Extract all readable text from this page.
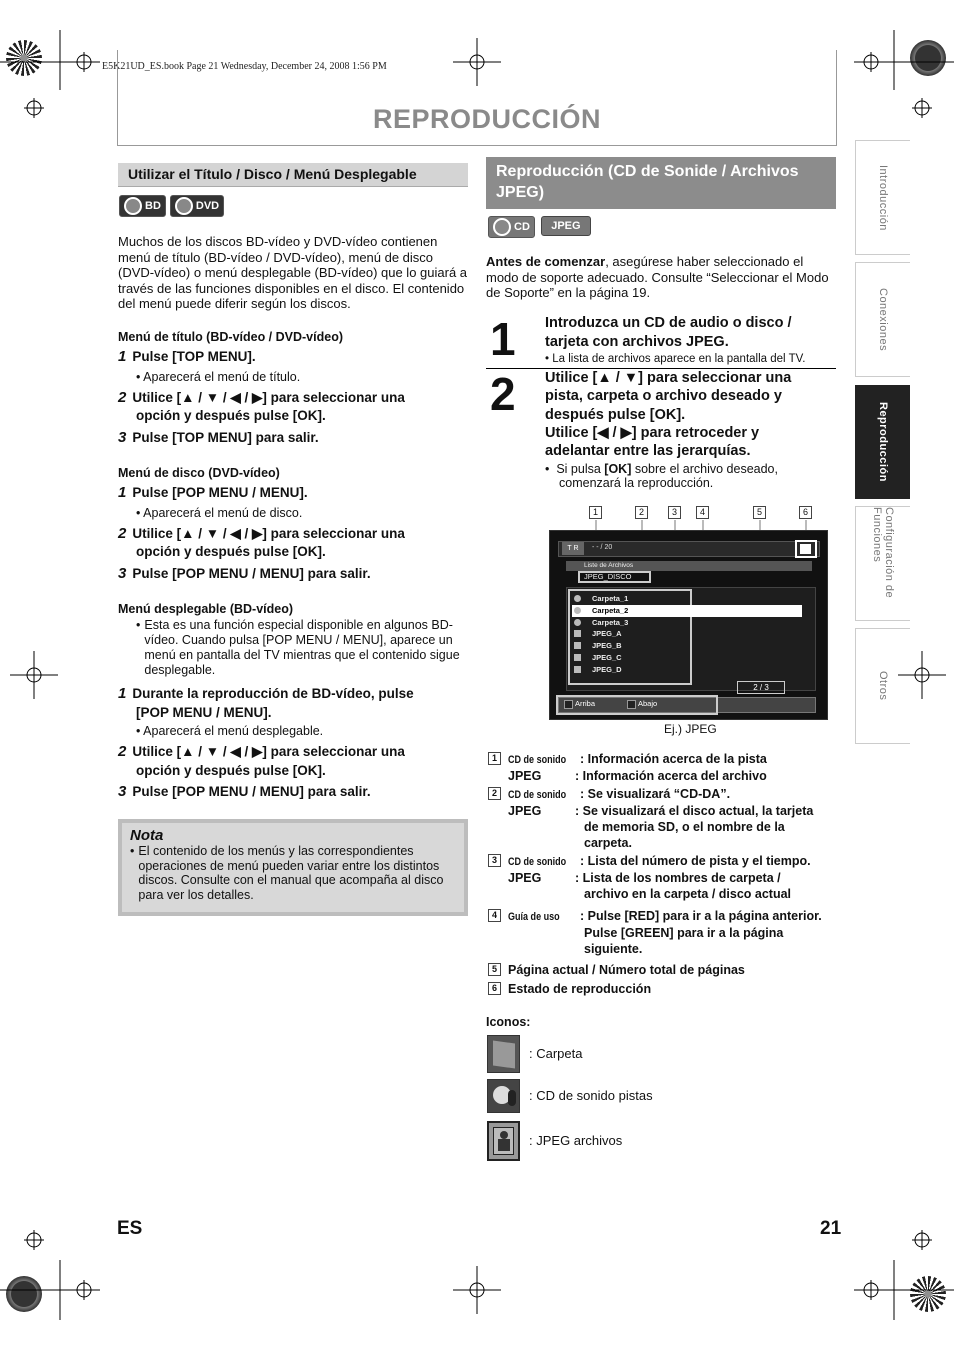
E5K21UD_ES.book Page 21 Wednesday, December 24, 2008 1:56 PM
REPRODUCCIÓN
Utilizar el Título / Disco / Menú Desplegable
BD	DVD
Muchos de los discos BD-vídeo y DVD-vídeo contienen menú de título (BD-vídeo / DVD-vídeo), menú de disco (DVD-vídeo) o menú desplegable (BD-vídeo) que lo guiará a través de las funciones disponibles en el disco. El contenido del menú puede diferir según los discos.
Menú de título (BD-vídeo / DVD-vídeo)
1 Pulse [TOP MENU].
• Aparecerá el menú de título.
2 Utilice [▲ / ▼ / ◀ / ▶] para seleccionar una
opción y después pulse [OK].
3 Pulse [TOP MENU] para salir.
Menú de disco (DVD-vídeo)
1 Pulse [POP MENU / MENU].
• Aparecerá el menú de disco.
2 Utilice [▲ / ▼ / ◀ / ▶] para seleccionar una
opción y después pulse [OK].
3 Pulse [POP MENU / MENU] para salir.
Menú desplegable (BD-vídeo)
• Esta es una función especial disponible en algunos BD-vídeo. Cuando pulsa [POP MENU / MENU], aparece un menú en pantalla del TV mientras que el contenido sigue desplegable.
1 Durante la reproducción de BD-vídeo, pulse
[POP MENU / MENU].
• Aparecerá el menú desplegable.
2 Utilice [▲ / ▼ / ◀ / ▶] para seleccionar una
opción y después pulse [OK].
3 Pulse [POP MENU / MENU] para salir.
Nota
• El contenido de los menús y las correspondientes operaciones de menú pueden variar entre los distintos discos. Consulte con el manual que acompaña al disco para ver los detalles.
Reproducción (CD de Sonide / Archivos JPEG)
CD	JPEG
Antes de comenzar, asegúrese haber seleccionado el modo de soporte adecuado. Consulte “Seleccionar el Modo de Soporte” en la página 19.
1 Introduzca un CD de audio o disco /
tarjeta con archivos JPEG.
• La lista de archivos aparece en la pantalla del TV.
2 Utilice [▲ / ▼] para seleccionar una
pista, carpeta o archivo deseado y
después pulse [OK].
Utilice [◀ / ▶] para retroceder y
adelantar entre las jerarquías.
•  Si pulsa [OK] sobre el archivo deseado,
comenzará la reproducción.
1	2	3	4	5	6
T R	- - / 20
Liste de Archivos
JPEG_DISCO
Carpeta_1
Carpeta_2
Carpeta_3
JPEG_A
JPEG_B
JPEG_C
JPEG_D
2 / 3
Arriba	Abajo
Ej.) JPEG
1	CD de sonido : Información acerca de la pista
JPEG	: Información acerca del archivo
2	CD de sonido : Se visualizará “CD-DA”.
JPEG	: Se visualizará el disco actual, la tarjeta
de memoria SD, o el nombre de la
carpeta.
3	CD de sonido : Lista del número de pista y el tiempo.
JPEG	: Lista de los nombres de carpeta /
archivo en la carpeta / disco actual
4	Guía de uso : Pulse [RED] para ir a la página anterior.
Pulse [GREEN] para ir a la página
siguiente.
5 Página actual / Número total de páginas
6 Estado de reproducción
Iconos:
: Carpeta
: CD de sonido pistas
: JPEG archivos
Introducción
Conexiones
Reproducción
Configuración de Funciones
Otros
ES	21
